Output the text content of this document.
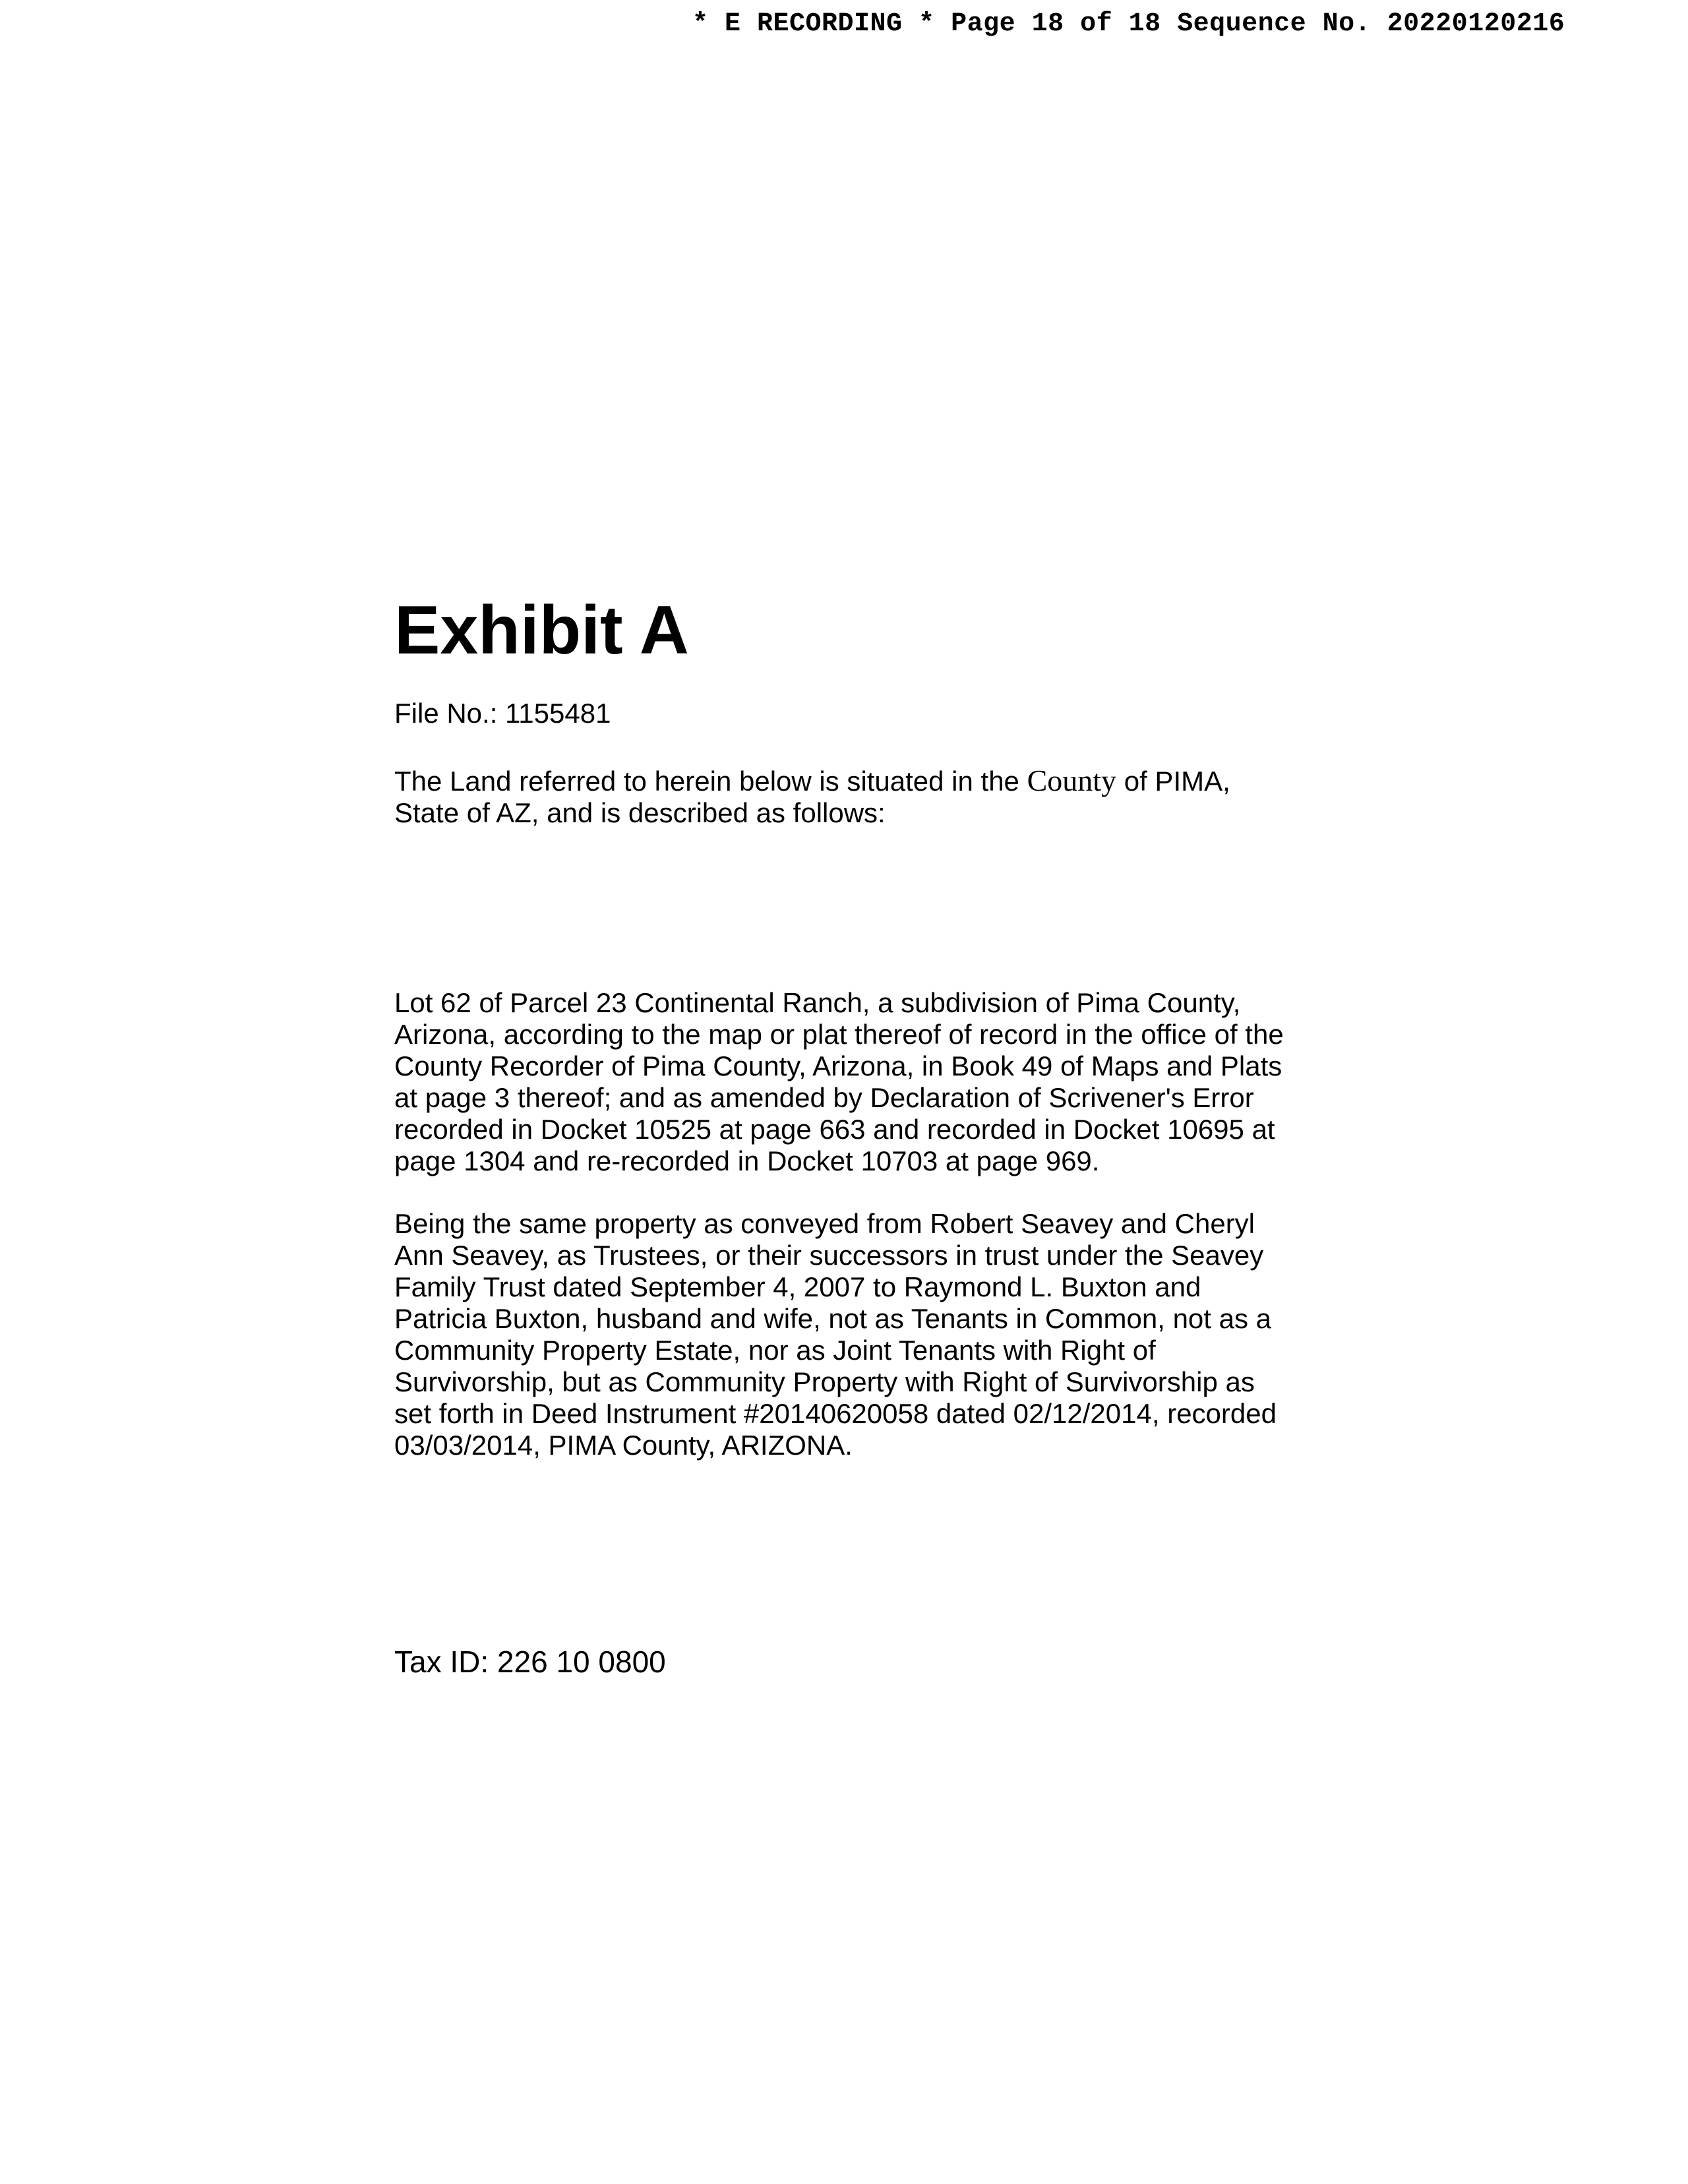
* E RECORDING * Page 18 of 18 Sequence No. 20220120216

Exhibit A

File No.: 1155481

The Land referred to herein below is situated in the County of PIMA,
State of AZ, and is described as follows:

Lot 62 of Parcel 23 Continental Ranch, a subdivision of Pima County,
Arizona, according to the map or plat thereof of record in the office of the
County Recorder of Pima County, Arizona, in Book 49 of Maps and Plats
at page 3 thereof; and as amended by Declaration of Scrivener's Error
recorded in Docket 10525 at page 663 and recorded in Docket 10695 at
page 1304 and re-recorded in Docket 10703 at page 969.

Being the same property as conveyed from Robert Seavey and Cheryl
Ann Seavey, as Trustees, or their successors in trust under the Seavey
Family Trust dated September 4, 2007 to Raymond L. Buxton and
Patricia Buxton, husband and wife, not as Tenants in Common, not as a
Community Property Estate, nor as Joint Tenants with Right of
Survivorship, but as Community Property with Right of Survivorship as
set forth in Deed Instrument #20140620058 dated 02/12/2014, recorded
03/03/2014, PIMA County, ARIZONA.

Tax ID: 226 10 0800
